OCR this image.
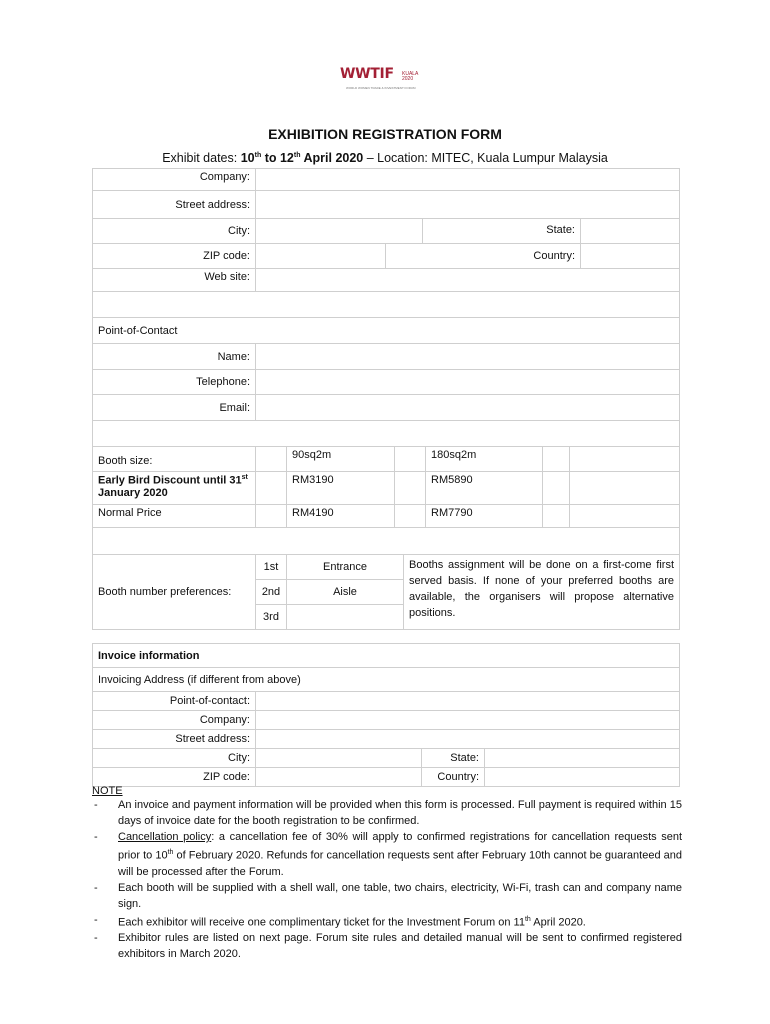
WWTIF KUALA
2020
WORLD WOMEN TRADE & INVESTMENT FORUM
EXHIBITION REGISTRATION FORM
Exhibit dates: 10th to 12th April 2020 – Location: MITEC, Kuala Lumpur Malaysia
Company:			
Street address:			
City:	State:		

ZIP code:		Country:	
Web site:			

Point-of-Contact			
Name:			
Telephone:			
Email:			

Booth size:		90sq2m		180sq2m		
Early Bird Discount until 31st
January 2020		RM3190		RM5890		
Normal Price		RM4190		RM7790		

Booth number preferences:	1st	Entrance	Booths assignment will be done on a first-come first served basis. If none of your preferred booths are available, the organisers will propose alternative positions.
	2nd	Aisle	
	3rd		
Invoice information			
Invoicing Address (if different from above)			
Point-of-contact:			
Company:			
Street address:			
City:		State:	
ZIP code:		Country:	
NOTE
- An invoice and payment information will be provided when this form is processed. Full payment is required within 15 days of invoice date for the booth registration to be confirmed.
- Cancellation policy: a cancellation fee of 30% will apply to confirmed registrations for cancellation requests sent prior to 10th of February 2020. Refunds for cancellation requests sent after February 10th cannot be guaranteed and will be processed after the Forum.
- Each booth will be supplied with a shell wall, one table, two chairs, electricity, Wi-Fi, trash can and company name sign.
- Each exhibitor will receive one complimentary ticket for the Investment Forum on 11th April 2020.
- Exhibitor rules are listed on next page. Forum site rules and detailed manual will be sent to confirmed registered exhibitors in March 2020.
